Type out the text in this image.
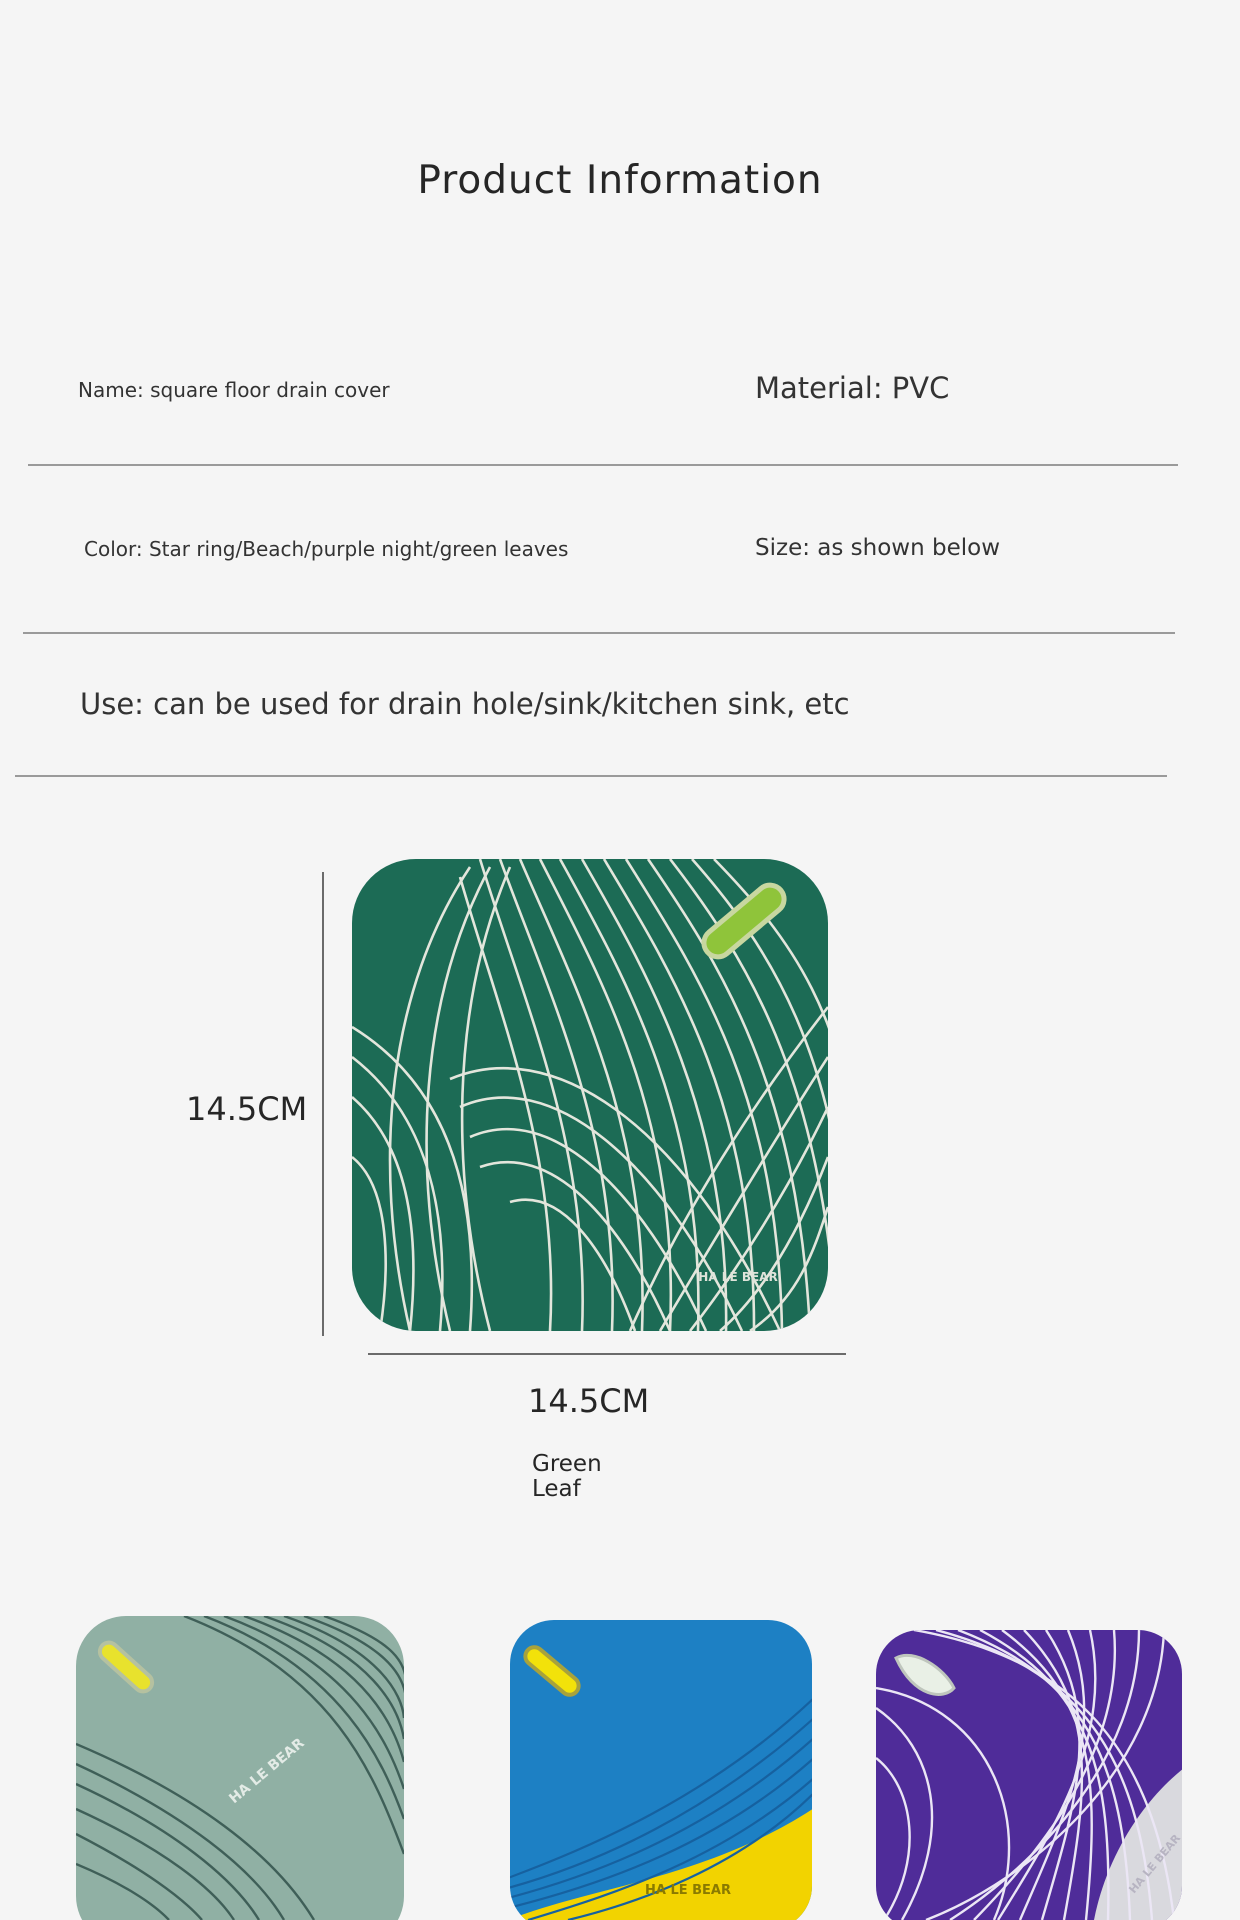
Product Information
Name: square floor drain cover	Material: PVC
Color: Star ring/Beach/purple night/green leaves	Size: as shown below
Use: can be used for drain hole/sink/kitchen sink, etc
14.5CM
14.5CM
Green
Leaf
HA LE BEAR
HA LE BEAR
HA LE BEAR	HA LE BEAR
